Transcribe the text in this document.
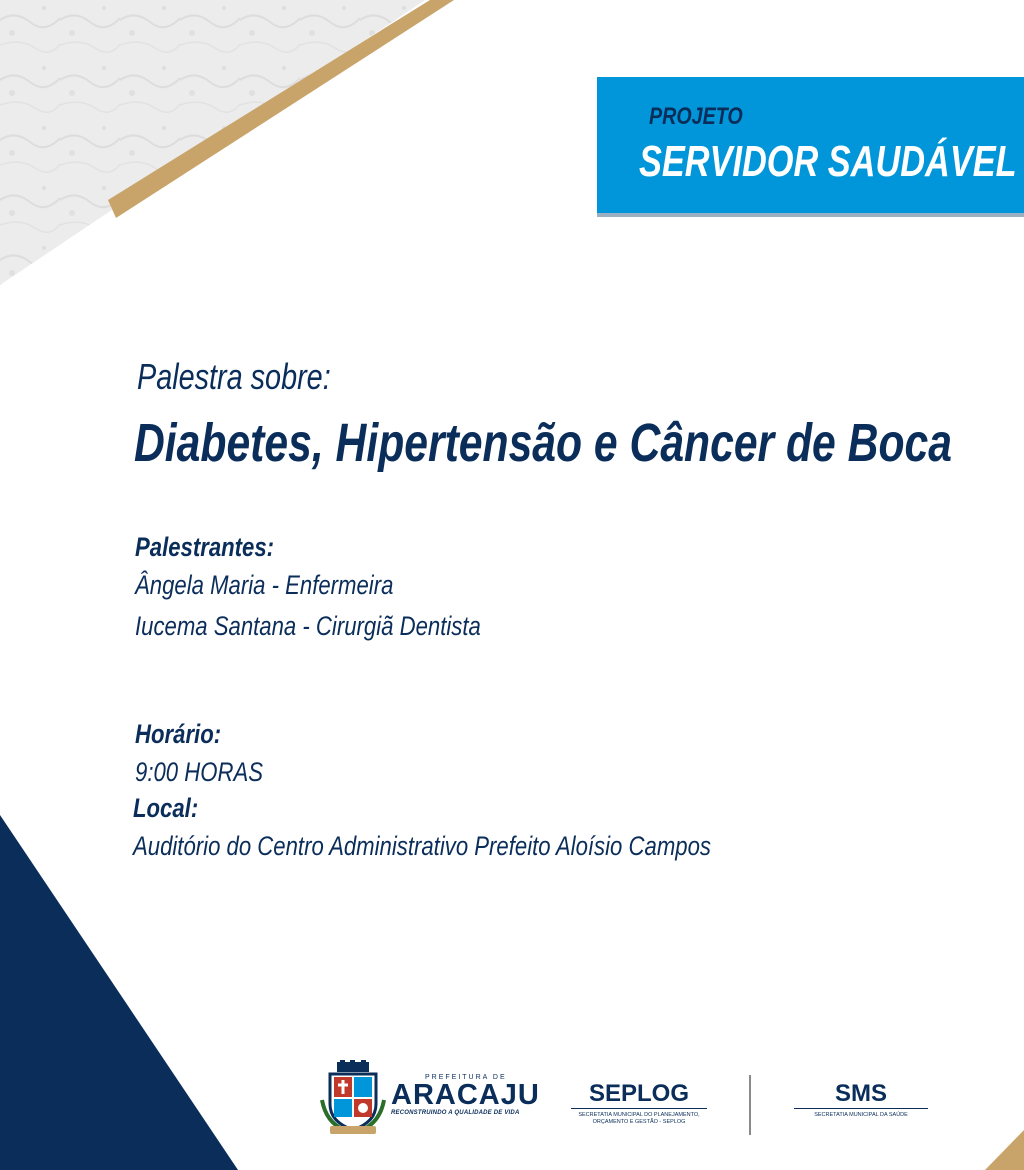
PROJETO
SERVIDOR SAUDÁVEL
Palestra sobre:
Diabetes, Hipertensão e Câncer de Boca
Palestrantes:
Ângela Maria - Enfermeira
Iucema Santana - Cirurgiã Dentista
Horário:
9:00 HORAS
Local:
Auditório do Centro Administrativo Prefeito Aloísio Campos
PREFEITURA DE
ARACAJU
RECONSTRUINDO A QUALIDADE DE VIDA
SEPLOG
SECRETATIA MUNICIPAL DO PLANEJAMENTO,
ORÇAMENTO E GESTÃO - SEPLOG
SMS
SECRETATIA MUNICIPAL DA SAÚDE
